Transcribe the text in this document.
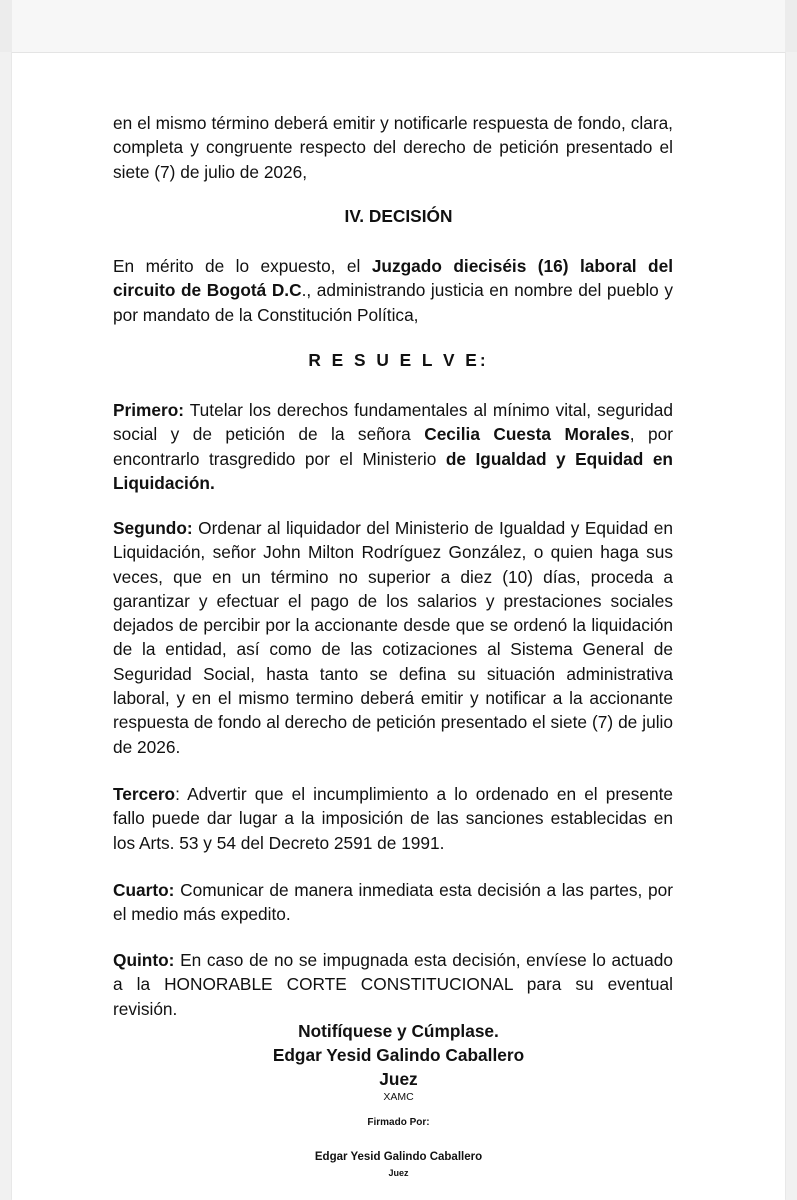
en el mismo término deberá emitir y notificarle respuesta de fondo, clara, completa y congruente respecto del derecho de petición presentado el siete (7) de julio de 2026,

IV. DECISIÓN

En mérito de lo expuesto, el Juzgado dieciséis (16) laboral del circuito de Bogotá D.C., administrando justicia en nombre del pueblo y por mandato de la Constitución Política,

R E S U E L V E:

Primero: Tutelar los derechos fundamentales al mínimo vital, seguridad social y de petición de la señora Cecilia Cuesta Morales, por encontrarlo trasgredido por el Ministerio de Igualdad y Equidad en Liquidación.

Segundo: Ordenar al liquidador del Ministerio de Igualdad y Equidad en Liquidación, señor John Milton Rodríguez González, o quien haga sus veces, que en un término no superior a diez (10) días, proceda a garantizar y efectuar el pago de los salarios y prestaciones sociales dejados de percibir por la accionante desde que se ordenó la liquidación de la entidad, así como de las cotizaciones al Sistema General de Seguridad Social, hasta tanto se defina su situación administrativa laboral, y en el mismo termino deberá emitir y notificar a la accionante respuesta de fondo al derecho de petición presentado el siete (7) de julio de 2026.

Tercero: Advertir que el incumplimiento a lo ordenado en el presente fallo puede dar lugar a la imposición de las sanciones establecidas en los Arts. 53 y 54 del Decreto 2591 de 1991.

Cuarto: Comunicar de manera inmediata esta decisión a las partes, por el medio más expedito.

Quinto: En caso de no se impugnada esta decisión, envíese lo actuado a la HONORABLE CORTE CONSTITUCIONAL para su eventual revisión.

Notifíquese y Cúmplase.

Edgar Yesid Galindo Caballero

Juez

XAMC

Firmado Por:

Edgar Yesid Galindo Caballero

Juez
